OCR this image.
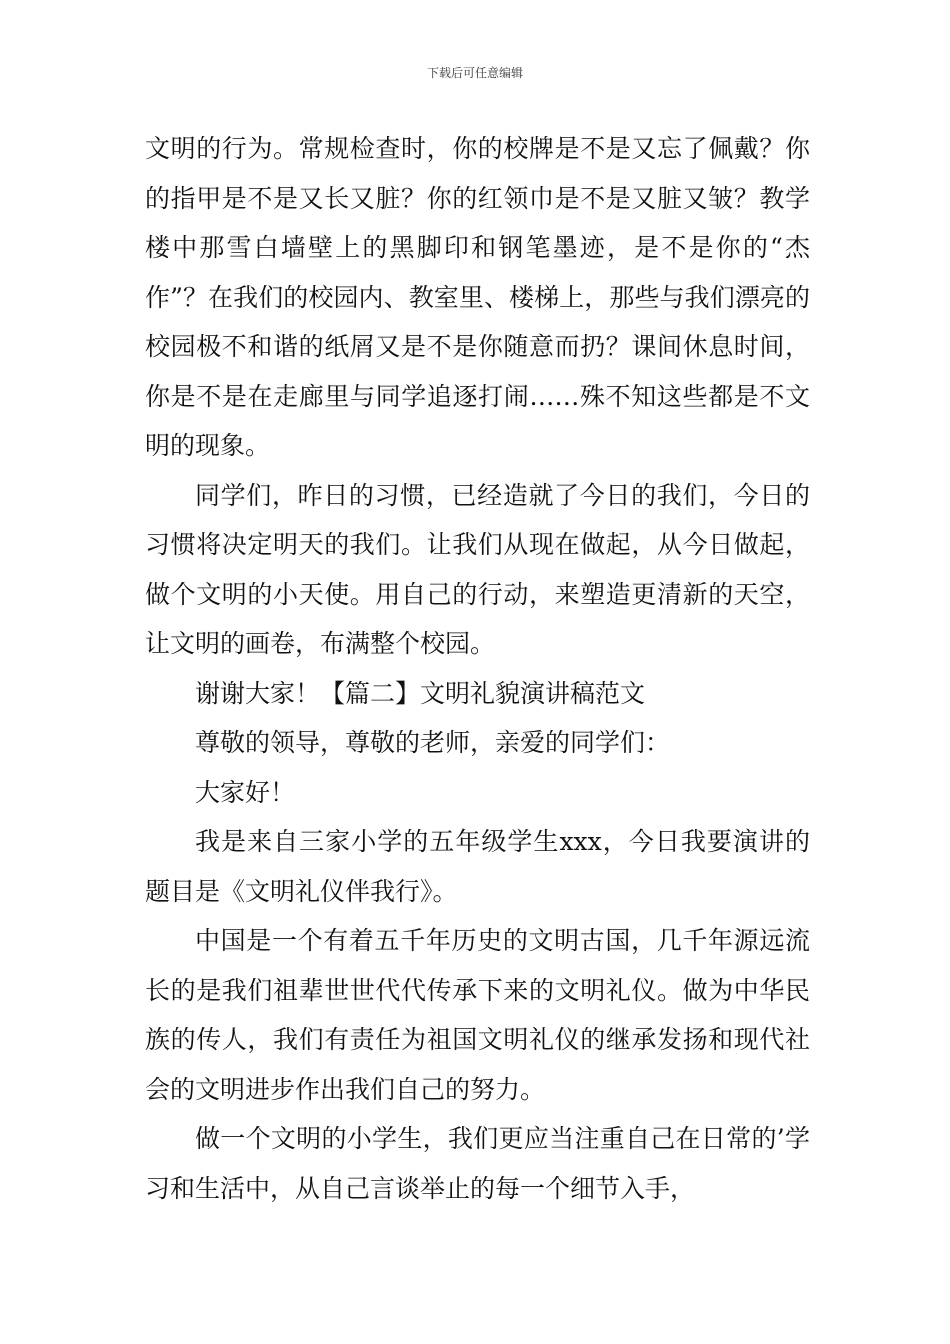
下载后可任意编辑

文明的行为。常规检查时，你的校牌是不是又忘了佩戴？你的指甲是不是又长又脏？你的红领巾是不是又脏又皱？教学楼中那雪白墙壁上的黑脚印和钢笔墨迹，是不是你的“杰作”？在我们的校园内、教室里、楼梯上，那些与我们漂亮的校园极不和谐的纸屑又是不是你随意而扔？课间休息时间，你是不是在走廊里与同学追逐打闹……殊不知这些都是不文明的现象。

同学们，昨日的习惯，已经造就了今日的我们，今日的习惯将决定明天的我们。让我们从现在做起，从今日做起，做个文明的小天使。用自己的行动，来塑造更清新的天空，让文明的画卷，布满整个校园。

谢谢大家！【篇二】文明礼貌演讲稿范文

尊敬的领导，尊敬的老师，亲爱的同学们：

大家好！

我是来自三家小学的五年级学生xxx，今日我要演讲的题目是《文明礼仪伴我行》。

中国是一个有着五千年历史的文明古国，几千年源远流长的是我们祖辈世世代代传承下来的文明礼仪。做为中华民族的传人，我们有责任为祖国文明礼仪的继承发扬和现代社会的文明进步作出我们自己的努力。

做一个文明的小学生，我们更应当注重自己在日常的’学习和生活中，从自己言谈举止的每一个细节入手，
